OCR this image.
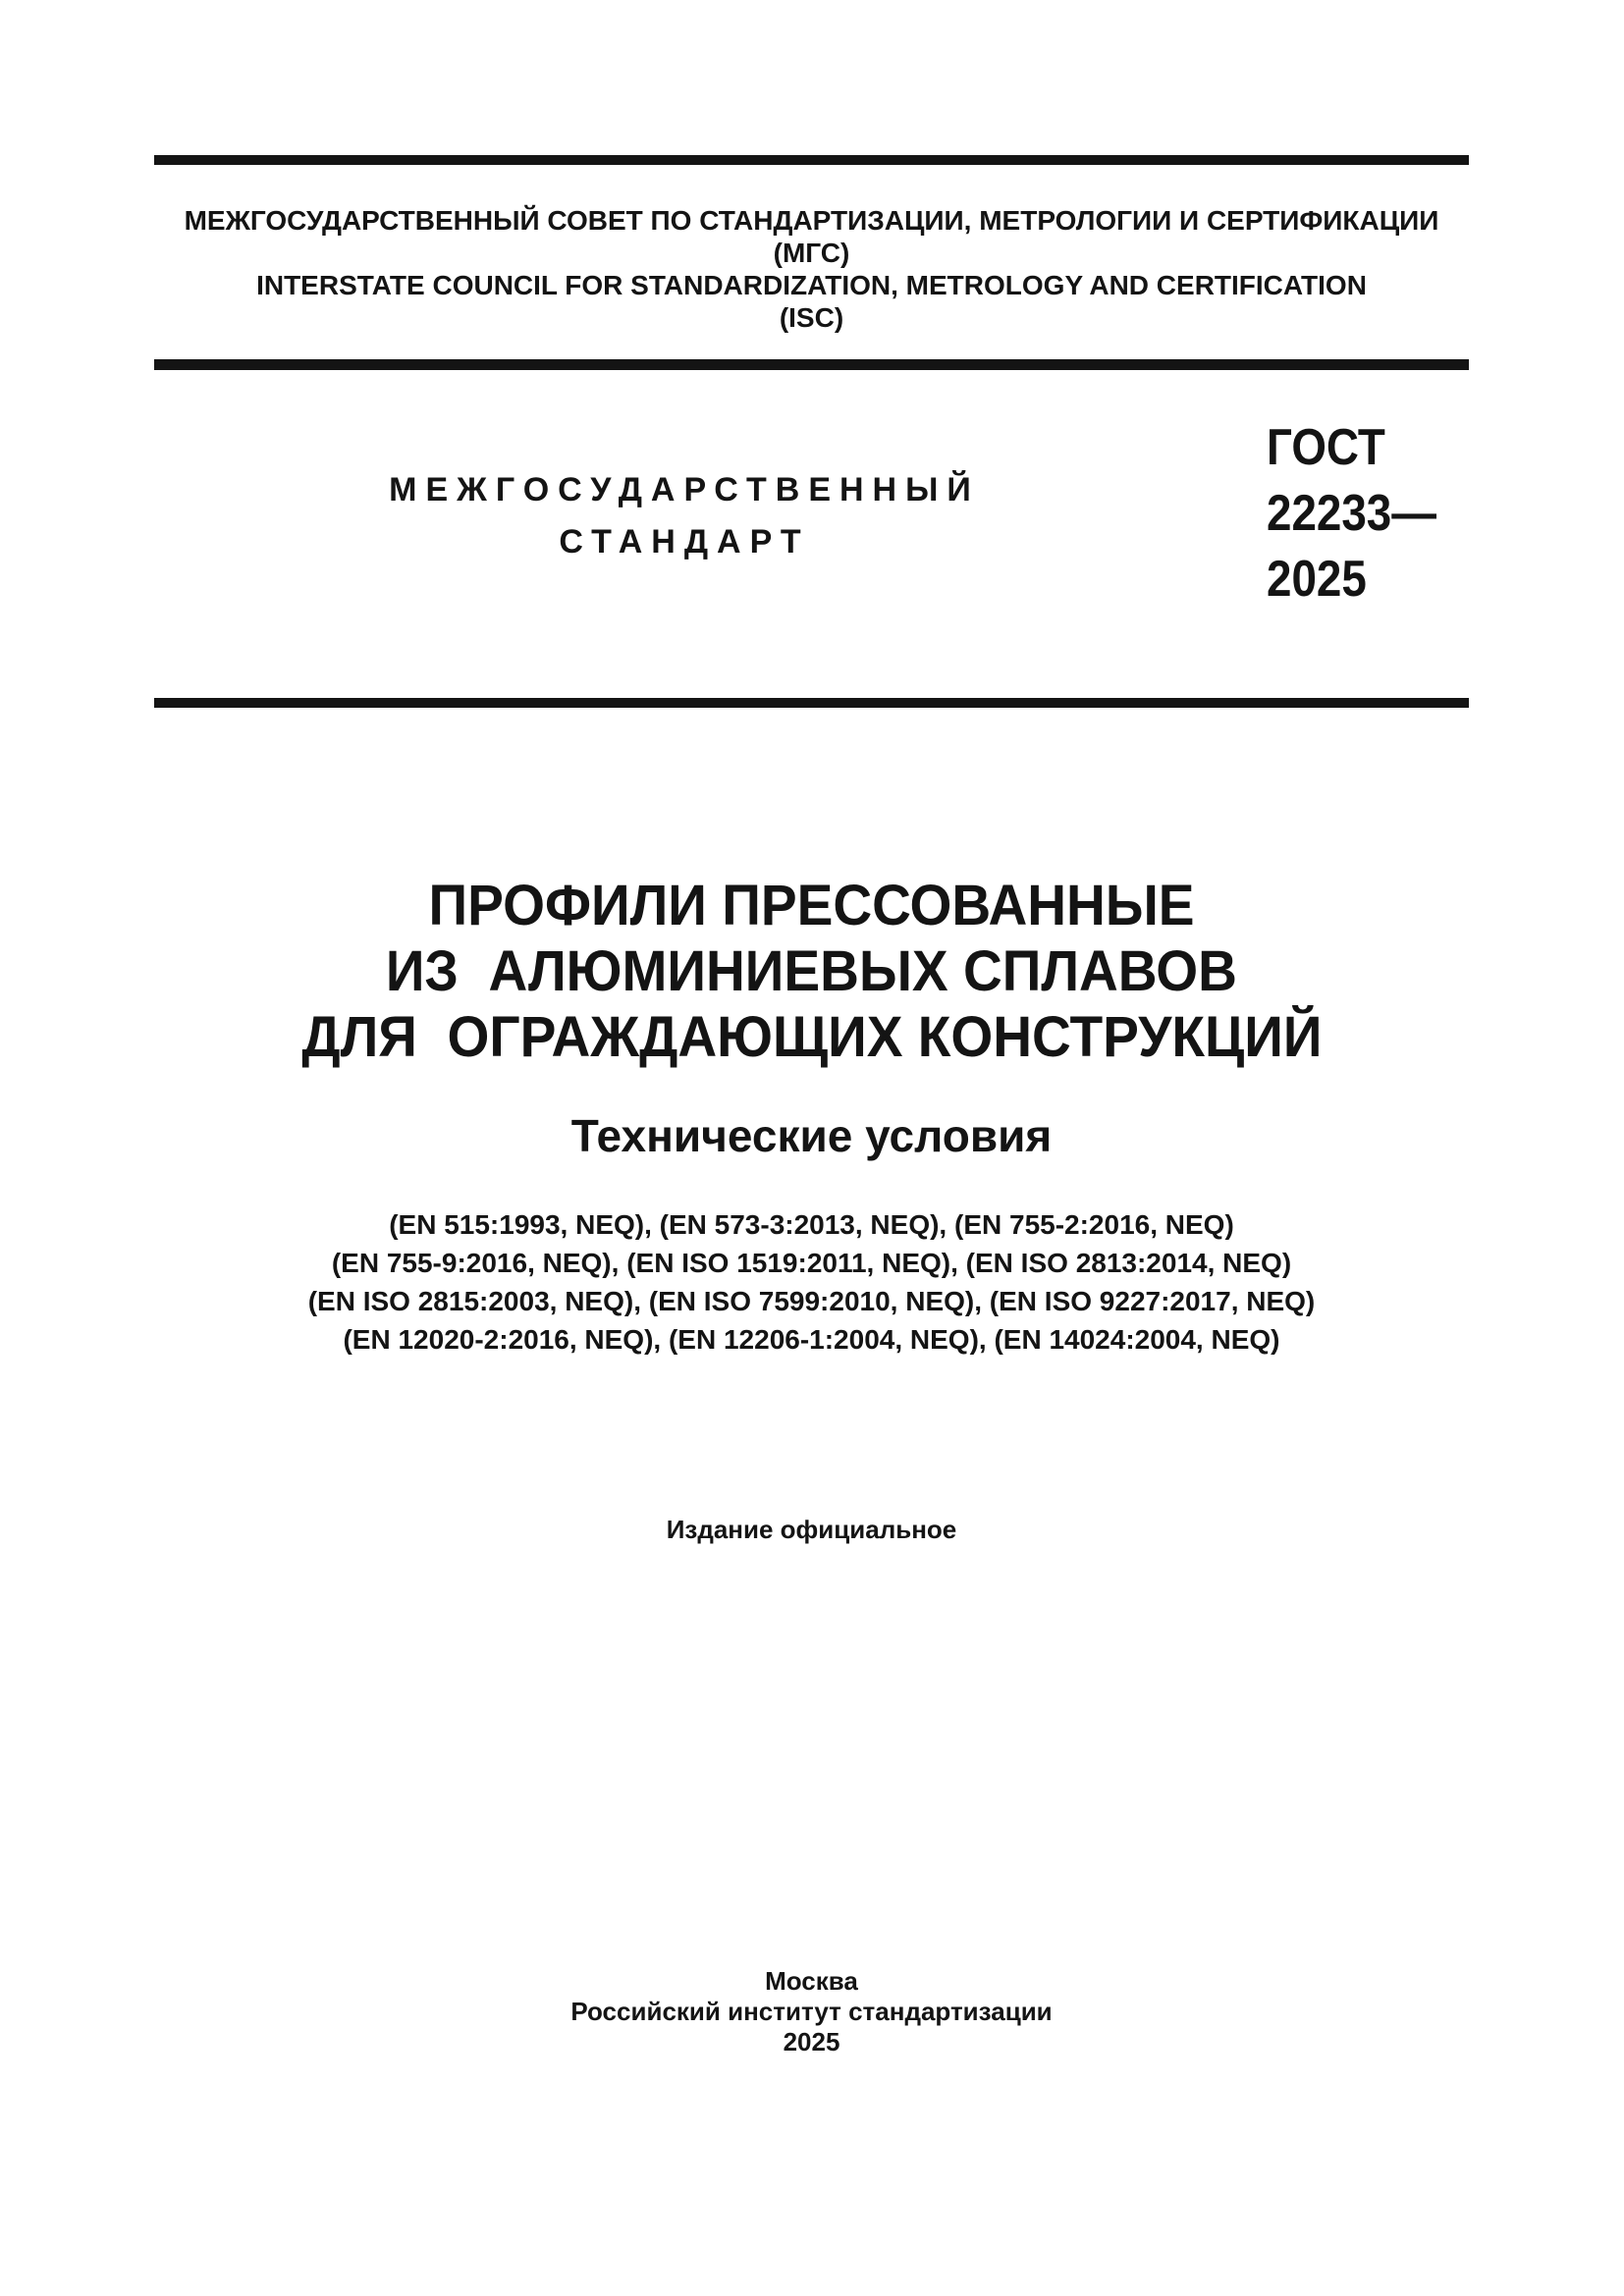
МЕЖГОСУДАРСТВЕННЫЙ СОВЕТ ПО СТАНДАРТИЗАЦИИ, МЕТРОЛОГИИ И СЕРТИФИКАЦИИ
(МГС)
INTERSTATE COUNCIL FOR STANDARDIZATION, METROLOGY AND CERTIFICATION
(ISC)
МЕЖГОСУДАРСТВЕННЫЙ
СТАНДАРТ
ГОСТ
22233—
2025
ПРОФИЛИ ПРЕССОВАННЫЕ
ИЗ  АЛЮМИНИЕВЫХ СПЛАВОВ
ДЛЯ  ОГРАЖДАЮЩИХ КОНСТРУКЦИЙ
Технические условия
(EN 515:1993, NEQ), (EN 573-3:2013, NEQ), (EN 755-2:2016, NEQ)
(EN 755-9:2016, NEQ), (EN ISO 1519:2011, NEQ), (EN ISO 2813:2014, NEQ)
(EN ISO 2815:2003, NEQ), (EN ISO 7599:2010, NEQ), (EN ISO 9227:2017, NEQ)
(EN 12020-2:2016, NEQ), (EN 12206-1:2004, NEQ), (EN 14024:2004, NEQ)
Издание официальное
Москва
Российский институт стандартизации
2025
